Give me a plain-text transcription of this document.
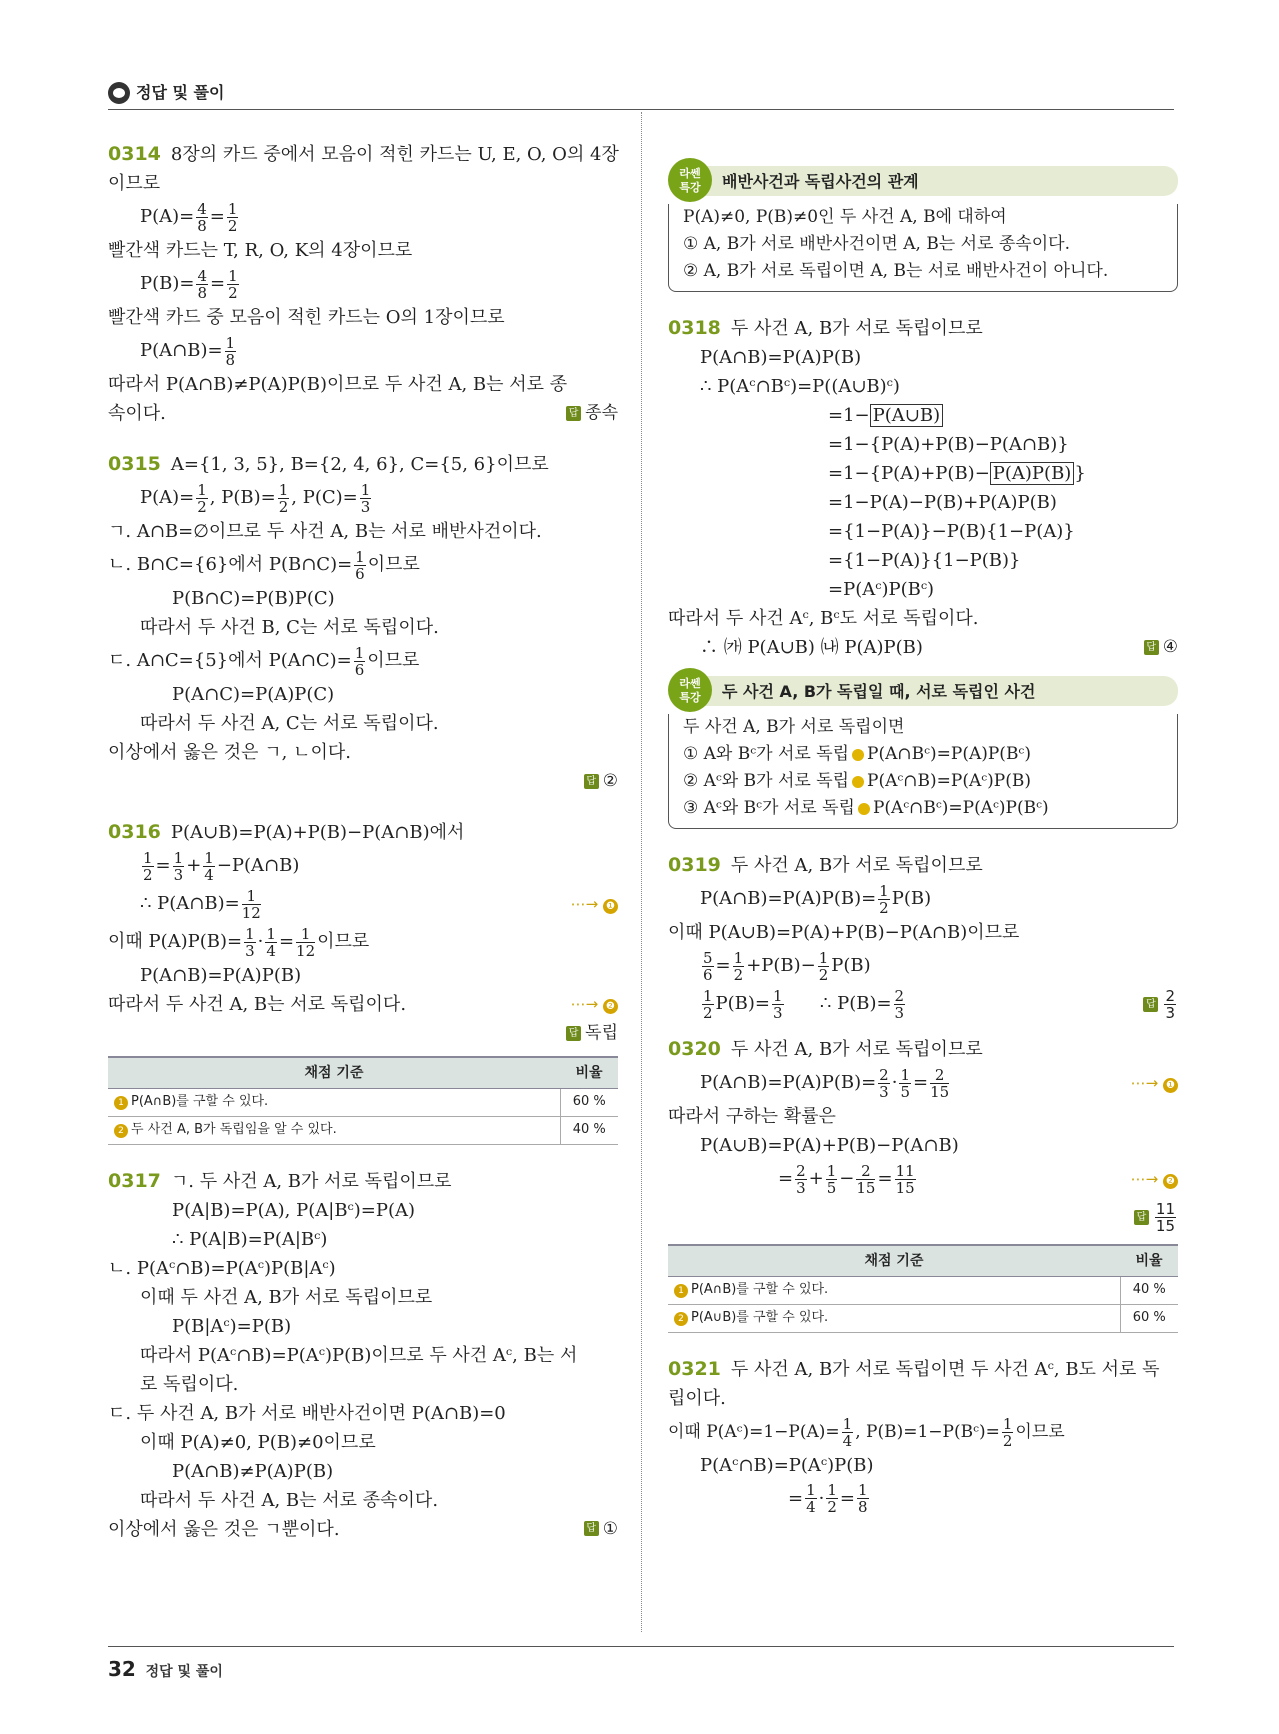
정답 및 풀이
0314 8장의 카드 중에서 모음이 적힌 카드는 U, E, O, O의 4장
이므로
$P(A)= \frac{4}{8} = \frac{1}{2}$
빨간색 카드는 T, R, O, K의 4장이므로
$P(B)= \frac{4}{8} = \frac{1}{2}$
빨간색 카드 중 모음이 적힌 카드는 O의 1장이므로
P(A∩B)= $\frac{1}{8}$
따라서 P(A∩B)≠P(A)P(B)이므로 두 사건 A, B는 서로 종
속이다.	답 종속
0315 A={1, 3, 5}, B={2, 4, 6}, C={5, 6}이므로
$P(A)= \frac{1}{2}$ , $P(B)= \frac{1}{2}$ , $P(C)= \frac{1}{3}$
ㄱ. A∩B=∅이므로 두 사건 A, B는 서로 배반사건이다.
ㄴ. B∩C={6}에서 P(B∩C)= $\frac{1}{6}$ 이므로
P(B∩C)=P(B)P(C)
따라서 두 사건 B, C는 서로 독립이다.
ㄷ. A∩C={5}에서 P(A∩C)= $\frac{1}{6}$ 이므로
P(A∩C)=P(A)P(C)
따라서 두 사건 A, C는 서로 독립이다.
이상에서 옳은 것은 ㄱ, ㄴ이다.
답 ②
0316 P(A∪B)=P(A)+P(B)−P(A∩B)에서
$\frac{1}{2} = \frac{1}{3} + \frac{1}{4}$ −P(A∩B)
∴ P(A∩B)= $\frac{1}{12}$	⋯→ ❶
이때 $P(A)P(B)= \frac{1}{3} \cdot \frac{1}{4} = \frac{1}{12}$ 이므로
P(A∩B)=P(A)P(B)
따라서 두 사건 A, B는 서로 독립이다.	⋯→ ❷
답 독립
채점 기준	비율
1 P(A∩B)를 구할 수 있다.	60 %
2 두 사건 A, B가 독립임을 알 수 있다.	40 %
0317 ㄱ. 두 사건 A, B가 서로 독립이므로
P(A|B)=P(A), P(A|Bᶜ)=P(A)
∴ P(A|B)=P(A|Bᶜ)
ㄴ. P(Aᶜ∩B)=P(Aᶜ)P(B|Aᶜ)
이때 두 사건 A, B가 서로 독립이므로
P(B|Aᶜ)=P(B)
따라서 P(Aᶜ∩B)=P(Aᶜ)P(B)이므로 두 사건 Aᶜ, B는 서
로 독립이다.
ㄷ. 두 사건 A, B가 서로 배반사건이면 P(A∩B)=0
이때 P(A)≠0, P(B)≠0이므로
P(A∩B)≠P(A)P(B)
따라서 두 사건 A, B는 서로 종속이다.
이상에서 옳은 것은 ㄱ뿐이다.	답 ①
라쎈
특강	배반사건과 독립사건의 관계
P(A)≠0, P(B)≠0인 두 사건 A, B에 대하여
① A, B가 서로 배반사건이면 A, B는 서로 종속이다.
② A, B가 서로 독립이면 A, B는 서로 배반사건이 아니다.
0318 두 사건 A, B가 서로 독립이므로
P(A∩B)=P(A)P(B)
∴ P(Aᶜ∩Bᶜ)=P((A∪B)ᶜ)
=1− P(A∪B)
=1−{P(A)+P(B)−P(A∩B)}
=1−{P(A)+P(B)− P(A)P(B) }
=1−P(A)−P(B)+P(A)P(B)
={1−P(A)}−P(B){1−P(A)}
={1−P(A)}{1−P(B)}
=P(Aᶜ)P(Bᶜ)
따라서 두 사건 Aᶜ, Bᶜ도 서로 독립이다.
∴ ㈎ P(A∪B) ㈏ P(A)P(B)	답 ④
라쎈
특강	두 사건 A, B가 독립일 때, 서로 독립인 사건
두 사건 A, B가 서로 독립이면
① A와 Bᶜ가 서로 독립 P(A∩Bᶜ)=P(A)P(Bᶜ)
② Aᶜ와 B가 서로 독립 P(Aᶜ∩B)=P(Aᶜ)P(B)
③ Aᶜ와 Bᶜ가 서로 독립 P(Aᶜ∩Bᶜ)=P(Aᶜ)P(Bᶜ)
0319 두 사건 A, B가 서로 독립이므로
P(A∩B)=P(A)P(B)= $\frac{1}{2} P(B)$
이때 P(A∪B)=P(A)+P(B)−P(A∩B)이므로
$\frac{5}{6} = \frac{1}{2} +P(B)- \frac{1}{2} P(B)$
$\frac{1}{2} P(B)= \frac{1}{3}$ ∴ $P(B)= \frac{2}{3}$	답 $\frac{2}{3}$
0320 두 사건 A, B가 서로 독립이므로
P(A∩B)=P(A)P(B)= $\frac{2}{3} \cdot \frac{1}{5} = \frac{2}{15}$	⋯→ ❶
따라서 구하는 확률은
P(A∪B)=P(A)+P(B)−P(A∩B)
= $\frac{2}{3} + \frac{1}{5} - \frac{2}{15} = \frac{11}{15}$	⋯→ ❷
답 $\frac{11}{15}$
채점 기준	비율
1 P(A∩B)를 구할 수 있다.	40 %
2 P(A∪B)를 구할 수 있다.	60 %
0321 두 사건 A, B가 서로 독립이면 두 사건 Aᶜ, B도 서로 독
립이다.
이때 P(Aᶜ)=1−P(A)= $\frac{1}{4}$ , P(B)=1−P(Bᶜ)= $\frac{1}{2}$ 이므로
P(Aᶜ∩B)=P(Aᶜ)P(B)
= $\frac{1}{4} \cdot \frac{1}{2} = \frac{1}{8}$
32 정답 및 풀이
